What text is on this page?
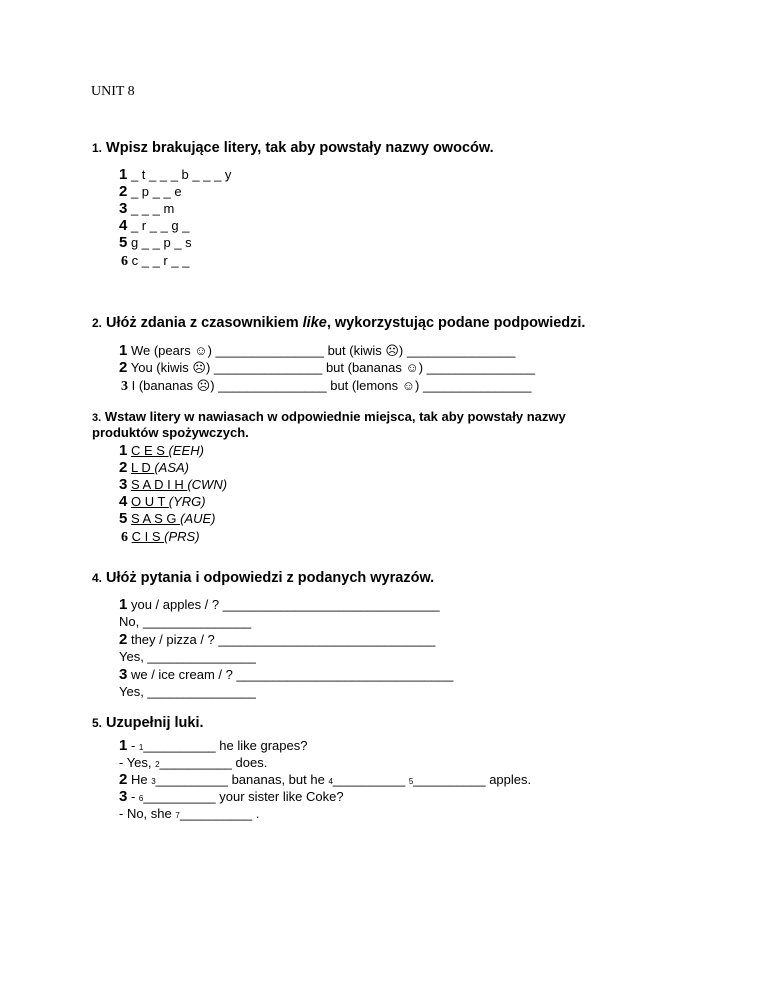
UNIT 8
1. Wpisz brakujące litery, tak aby powstały nazwy owoców.
1 _ t _ _ _ b _ _ _ y
2 _ p _ _ e
3 _ _ _ m
4 _ r _ _ g _
5 g _ _ p _ s
6 c _ _ r _ _
2. Ułóż zdania z czasownikiem like, wykorzystując podane podpowiedzi.
1 We (pears ☺) _______________ but (kiwis ☹) _______________
2 You (kiwis ☹) _______________ but (bananas ☺) _______________
3 I (bananas ☹) _______________ but (lemons ☺) _______________
3. Wstaw litery w nawiasach w odpowiednie miejsca, tak aby powstały nazwy
produktów spożywczych.
1 C E S (EEH)
2 L D (ASA)
3 S A D I H (CWN)
4 O U T (YRG)
5 S A S G (AUE)
6 C I S (PRS)
4. Ułóż pytania i odpowiedzi z podanych wyrazów.
1 you / apples / ? ______________________________
No, _______________
2 they / pizza / ? ______________________________
Yes, _______________
3 we / ice cream / ? ______________________________
Yes, _______________
5. Uzupełnij luki.
1 - 1__________ he like grapes?
- Yes, 2__________ does.
2 He 3__________ bananas, but he 4__________ 5__________ apples.
3 - 6__________ your sister like Coke?
- No, she 7__________ .
